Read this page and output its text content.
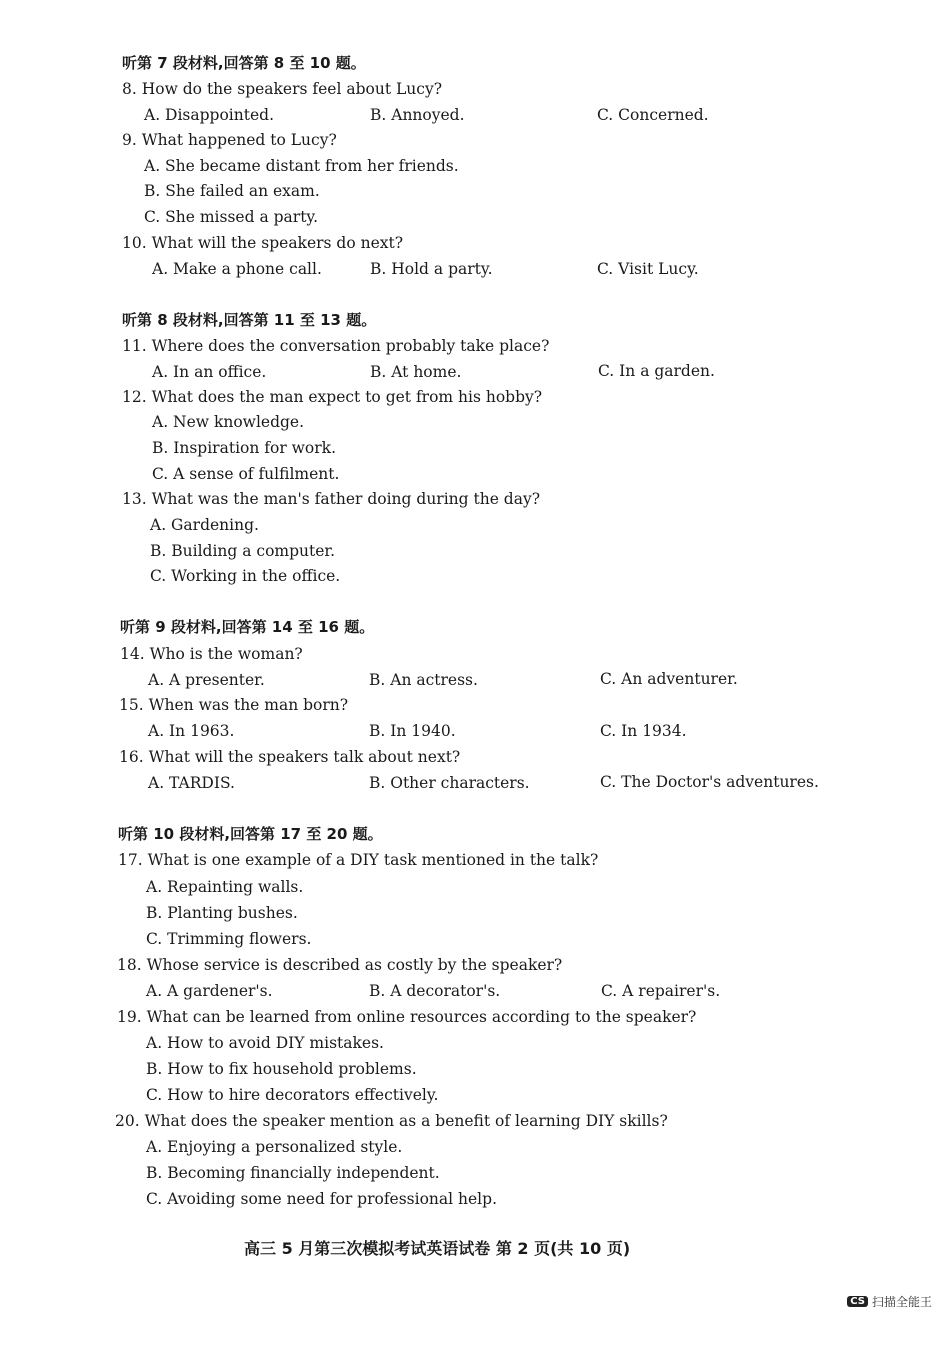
听第 7 段材料,回答第 8 至 10 题。
8. How do the speakers feel about Lucy?
A. Disappointed.	B. Annoyed.	C. Concerned.
9. What happened to Lucy?
A. She became distant from her friends.
B. She failed an exam.
C. She missed a party.
10. What will the speakers do next?
A. Make a phone call.	B. Hold a party.	C. Visit Lucy.
听第 8 段材料,回答第 11 至 13 题。
11. Where does the conversation probably take place?
A. In an office.	B. At home.	C. In a garden.
12. What does the man expect to get from his hobby?
A. New knowledge.
B. Inspiration for work.
C. A sense of fulfilment.
13. What was the man's father doing during the day?
A. Gardening.
B. Building a computer.
C. Working in the office.
听第 9 段材料,回答第 14 至 16 题。
14. Who is the woman?
A. A presenter.	B. An actress.	C. An adventurer.
15. When was the man born?
A. In 1963.	B. In 1940.	C. In 1934.
16. What will the speakers talk about next?
A. TARDIS.	B. Other characters.	C. The Doctor's adventures.
听第 10 段材料,回答第 17 至 20 题。
17. What is one example of a DIY task mentioned in the talk?
A. Repainting walls.
B. Planting bushes.
C. Trimming flowers.
18. Whose service is described as costly by the speaker?
A. A gardener's.	B. A decorator's.	C. A repairer's.
19. What can be learned from online resources according to the speaker?
A. How to avoid DIY mistakes.
B. How to fix household problems.
C. How to hire decorators effectively.
20. What does the speaker mention as a benefit of learning DIY skills?
A. Enjoying a personalized style.
B. Becoming financially independent.
C. Avoiding some need for professional help.
高三 5 月第三次模拟考试英语试卷 第 2 页(共 10 页)
CS 扫描全能王
